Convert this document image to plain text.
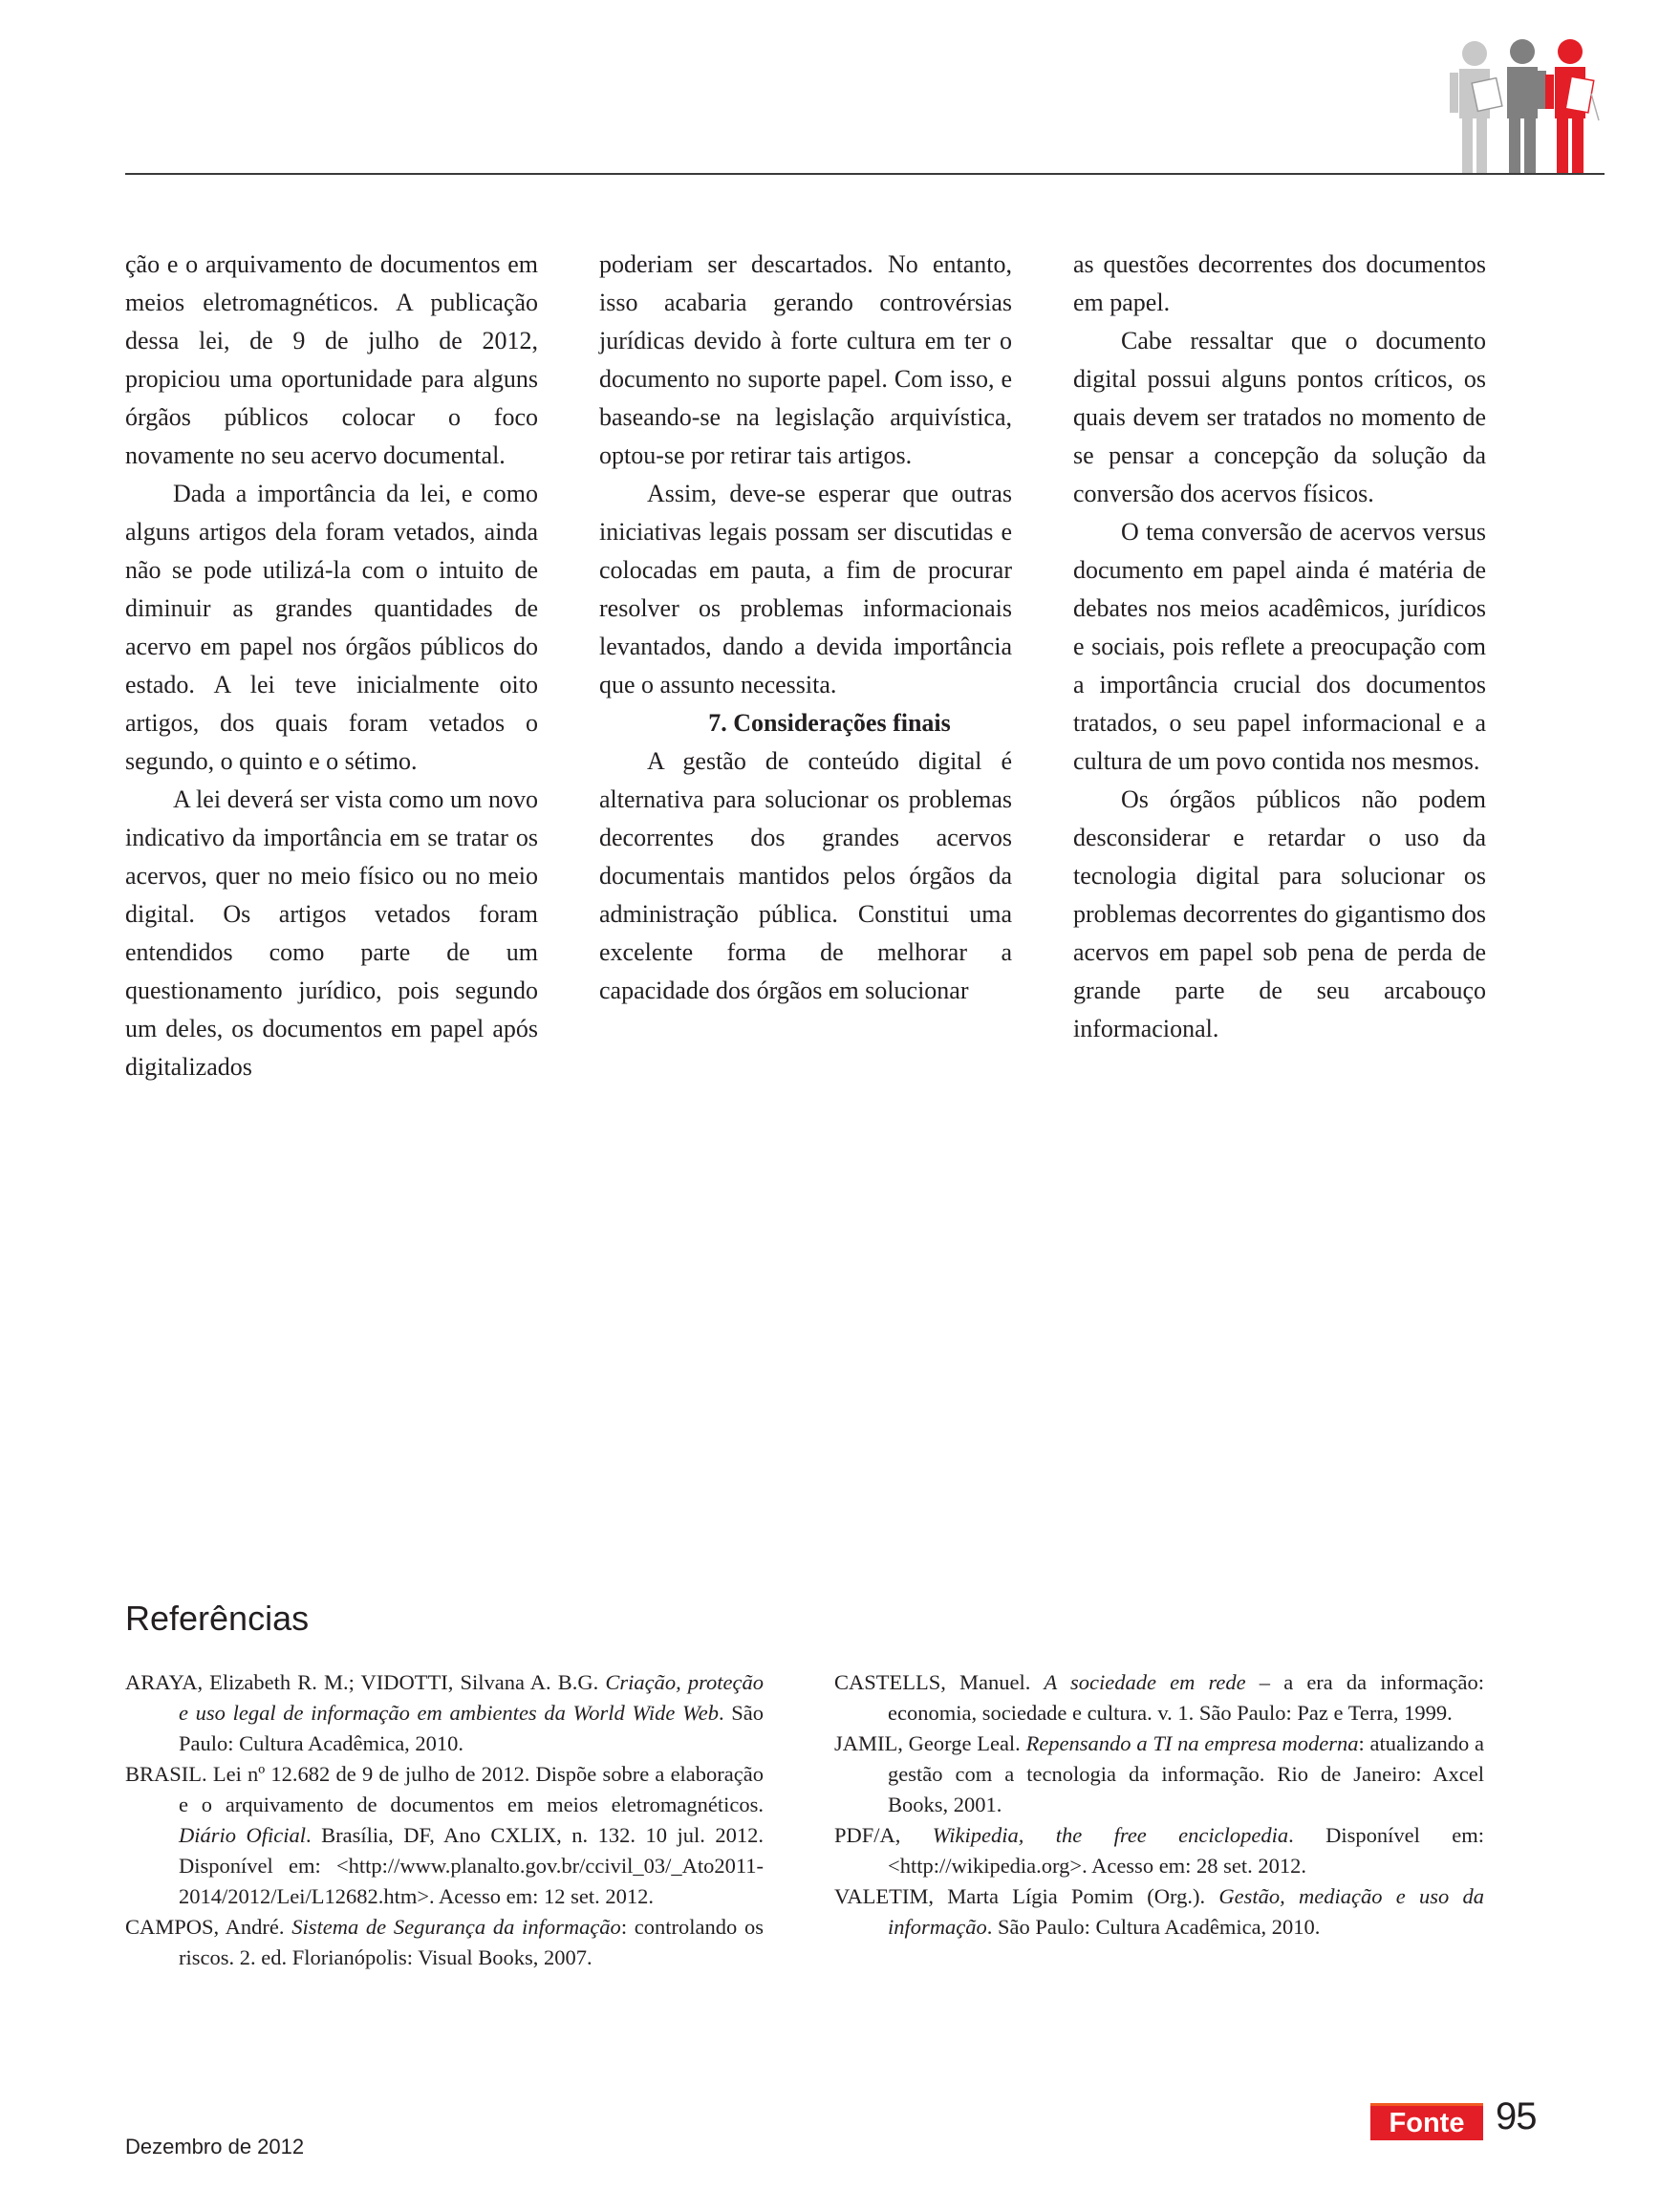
ção e o arquivamento de documentos em meios eletromagnéticos. A publicação dessa lei, de 9 de julho de 2012, propiciou uma oportunidade para alguns órgãos públicos colocar o foco novamente no seu acervo documental.

Dada a importância da lei, e como alguns artigos dela foram vetados, ainda não se pode utilizá-la com o intuito de diminuir as grandes quantidades de acervo em papel nos órgãos públicos do estado. A lei teve inicialmente oito artigos, dos quais foram vetados o segundo, o quinto e o sétimo.

A lei deverá ser vista como um novo indicativo da importância em se tratar os acervos, quer no meio físico ou no meio digital. Os artigos vetados foram entendidos como parte de um questionamento jurídico, pois segundo um deles, os documentos em papel após digitalizados

poderiam ser descartados. No entanto, isso acabaria gerando controvérsias jurídicas devido à forte cultura em ter o documento no suporte papel. Com isso, e baseando-se na legislação arquivística, optou-se por retirar tais artigos.

Assim, deve-se esperar que outras iniciativas legais possam ser discutidas e colocadas em pauta, a fim de procurar resolver os problemas informacionais levantados, dando a devida importância que o assunto necessita.

7. Considerações finais

A gestão de conteúdo digital é alternativa para solucionar os problemas decorrentes dos grandes acervos documentais mantidos pelos órgãos da administração pública. Constitui uma excelente forma de melhorar a capacidade dos órgãos em solucionar

as questões decorrentes dos documentos em papel.

Cabe ressaltar que o documento digital possui alguns pontos críticos, os quais devem ser tratados no momento de se pensar a concepção da solução da conversão dos acervos físicos.

O tema conversão de acervos versus documento em papel ainda é matéria de debates nos meios acadêmicos, jurídicos e sociais, pois reflete a preocupação com a importância crucial dos documentos tratados, o seu papel informacional e a cultura de um povo contida nos mesmos.

Os órgãos públicos não podem desconsiderar e retardar o uso da tecnologia digital para solucionar os problemas decorrentes do gigantismo dos acervos em papel sob pena de perda de grande parte de seu arcabouço informacional.

Referências

ARAYA, Elizabeth R. M.; VIDOTTI, Silvana A. B.G. Criação, proteção e uso legal de informação em ambientes da World Wide Web. São Paulo: Cultura Acadêmica, 2010.

BRASIL. Lei nº 12.682 de 9 de julho de 2012. Dispõe sobre a elaboração e o arquivamento de documentos em meios eletromagnéticos. Diário Oficial. Brasília, DF, Ano CXLIX, n. 132. 10 jul. 2012. Disponível em: <http://www.planalto.gov.br/ccivil_03/_Ato2011-2014/2012/Lei/L12682.htm>. Acesso em: 12 set. 2012.

CAMPOS, André. Sistema de Segurança da informação: controlando os riscos. 2. ed. Florianópolis: Visual Books, 2007.

CASTELLS, Manuel. A sociedade em rede – a era da informação: economia, sociedade e cultura. v. 1. São Paulo: Paz e Terra, 1999.

JAMIL, George Leal. Repensando a TI na empresa moderna: atualizando a gestão com a tecnologia da informação. Rio de Janeiro: Axcel Books, 2001.

PDF/A, Wikipedia, the free enciclopedia. Disponível em: <http://wikipedia.org>. Acesso em: 28 set. 2012.

VALETIM, Marta Lígia Pomim (Org.). Gestão, mediação e uso da informação. São Paulo: Cultura Acadêmica, 2010.

Dezembro de 2012
Fonte 95
